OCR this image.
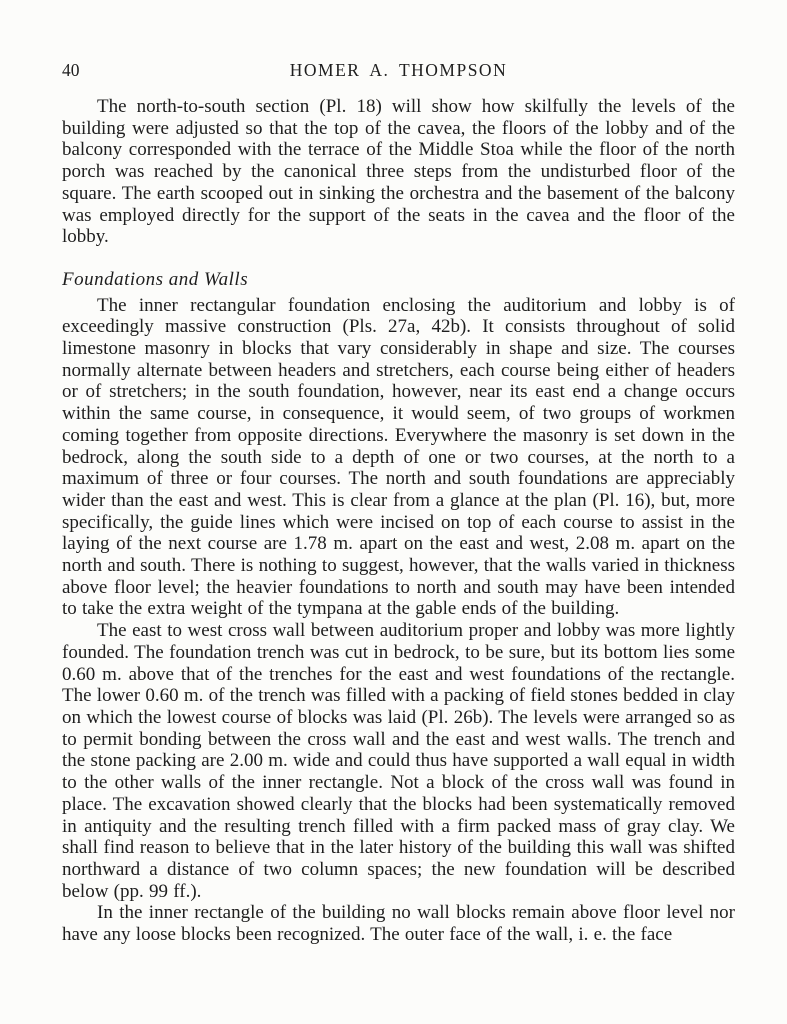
40	HOMER A. THOMPSON

The north-to-south section (Pl. 18) will show how skilfully the levels of the building were adjusted so that the top of the cavea, the floors of the lobby and of the balcony corresponded with the terrace of the Middle Stoa while the floor of the north porch was reached by the canonical three steps from the undisturbed floor of the square. The earth scooped out in sinking the orchestra and the basement of the balcony was employed directly for the support of the seats in the cavea and the floor of the lobby.

Foundations and Walls

The inner rectangular foundation enclosing the auditorium and lobby is of exceedingly massive construction (Pls. 27a, 42b). It consists throughout of solid limestone masonry in blocks that vary considerably in shape and size. The courses normally alternate between headers and stretchers, each course being either of headers or of stretchers; in the south foundation, however, near its east end a change occurs within the same course, in consequence, it would seem, of two groups of workmen coming together from opposite directions. Everywhere the masonry is set down in the bedrock, along the south side to a depth of one or two courses, at the north to a maximum of three or four courses. The north and south foundations are appreciably wider than the east and west. This is clear from a glance at the plan (Pl. 16), but, more specifically, the guide lines which were incised on top of each course to assist in the laying of the next course are 1.78 m. apart on the east and west, 2.08 m. apart on the north and south. There is nothing to suggest, however, that the walls varied in thickness above floor level; the heavier foundations to north and south may have been intended to take the extra weight of the tympana at the gable ends of the building.

The east to west cross wall between auditorium proper and lobby was more lightly founded. The foundation trench was cut in bedrock, to be sure, but its bottom lies some 0.60 m. above that of the trenches for the east and west foundations of the rectangle. The lower 0.60 m. of the trench was filled with a packing of field stones bedded in clay on which the lowest course of blocks was laid (Pl. 26b). The levels were arranged so as to permit bonding between the cross wall and the east and west walls. The trench and the stone packing are 2.00 m. wide and could thus have supported a wall equal in width to the other walls of the inner rectangle. Not a block of the cross wall was found in place. The excavation showed clearly that the blocks had been systematically removed in antiquity and the resulting trench filled with a firm packed mass of gray clay. We shall find reason to believe that in the later history of the building this wall was shifted northward a distance of two column spaces; the new foundation will be described below (pp. 99 ff.).

In the inner rectangle of the building no wall blocks remain above floor level nor have any loose blocks been recognized. The outer face of the wall, i. e. the face
